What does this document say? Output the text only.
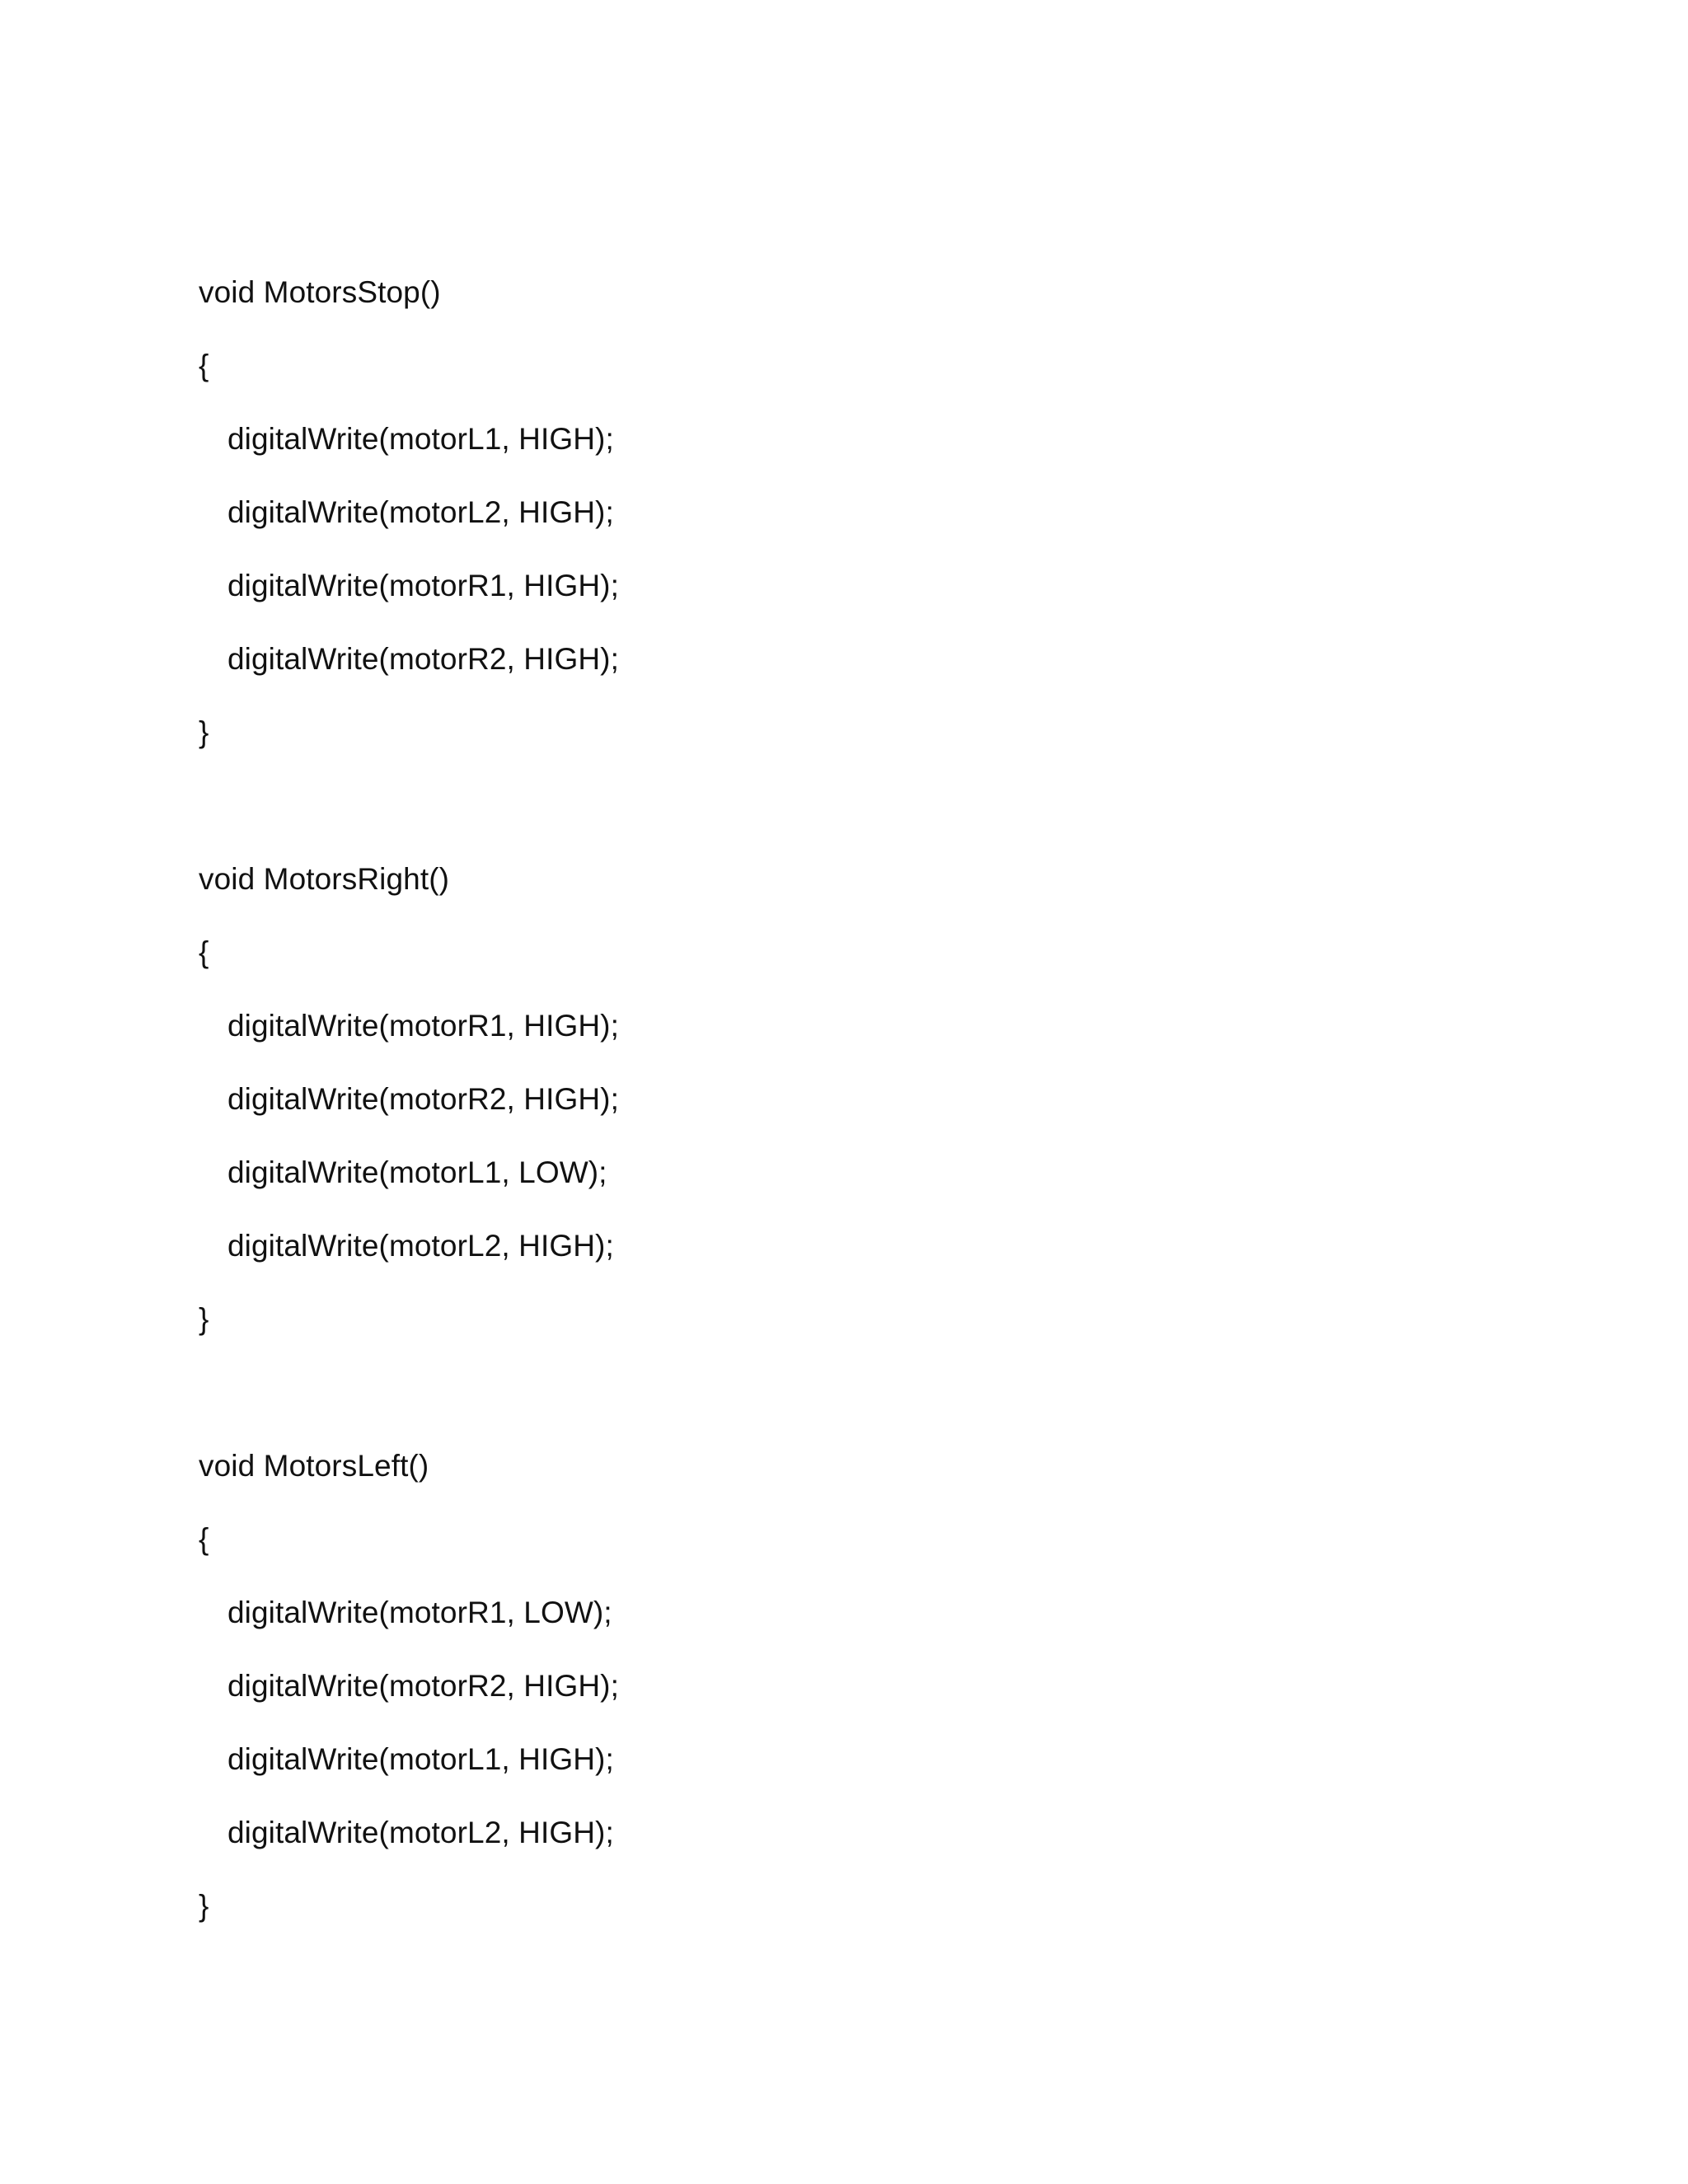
void MotorsStop()
{
digitalWrite(motorL1, HIGH);
digitalWrite(motorL2, HIGH);
digitalWrite(motorR1, HIGH);
digitalWrite(motorR2, HIGH);
}
void MotorsRight()
{
digitalWrite(motorR1, HIGH);
digitalWrite(motorR2, HIGH);
digitalWrite(motorL1, LOW);
digitalWrite(motorL2, HIGH);
}
void MotorsLeft()
{
digitalWrite(motorR1, LOW);
digitalWrite(motorR2, HIGH);
digitalWrite(motorL1, HIGH);
digitalWrite(motorL2, HIGH);
}
